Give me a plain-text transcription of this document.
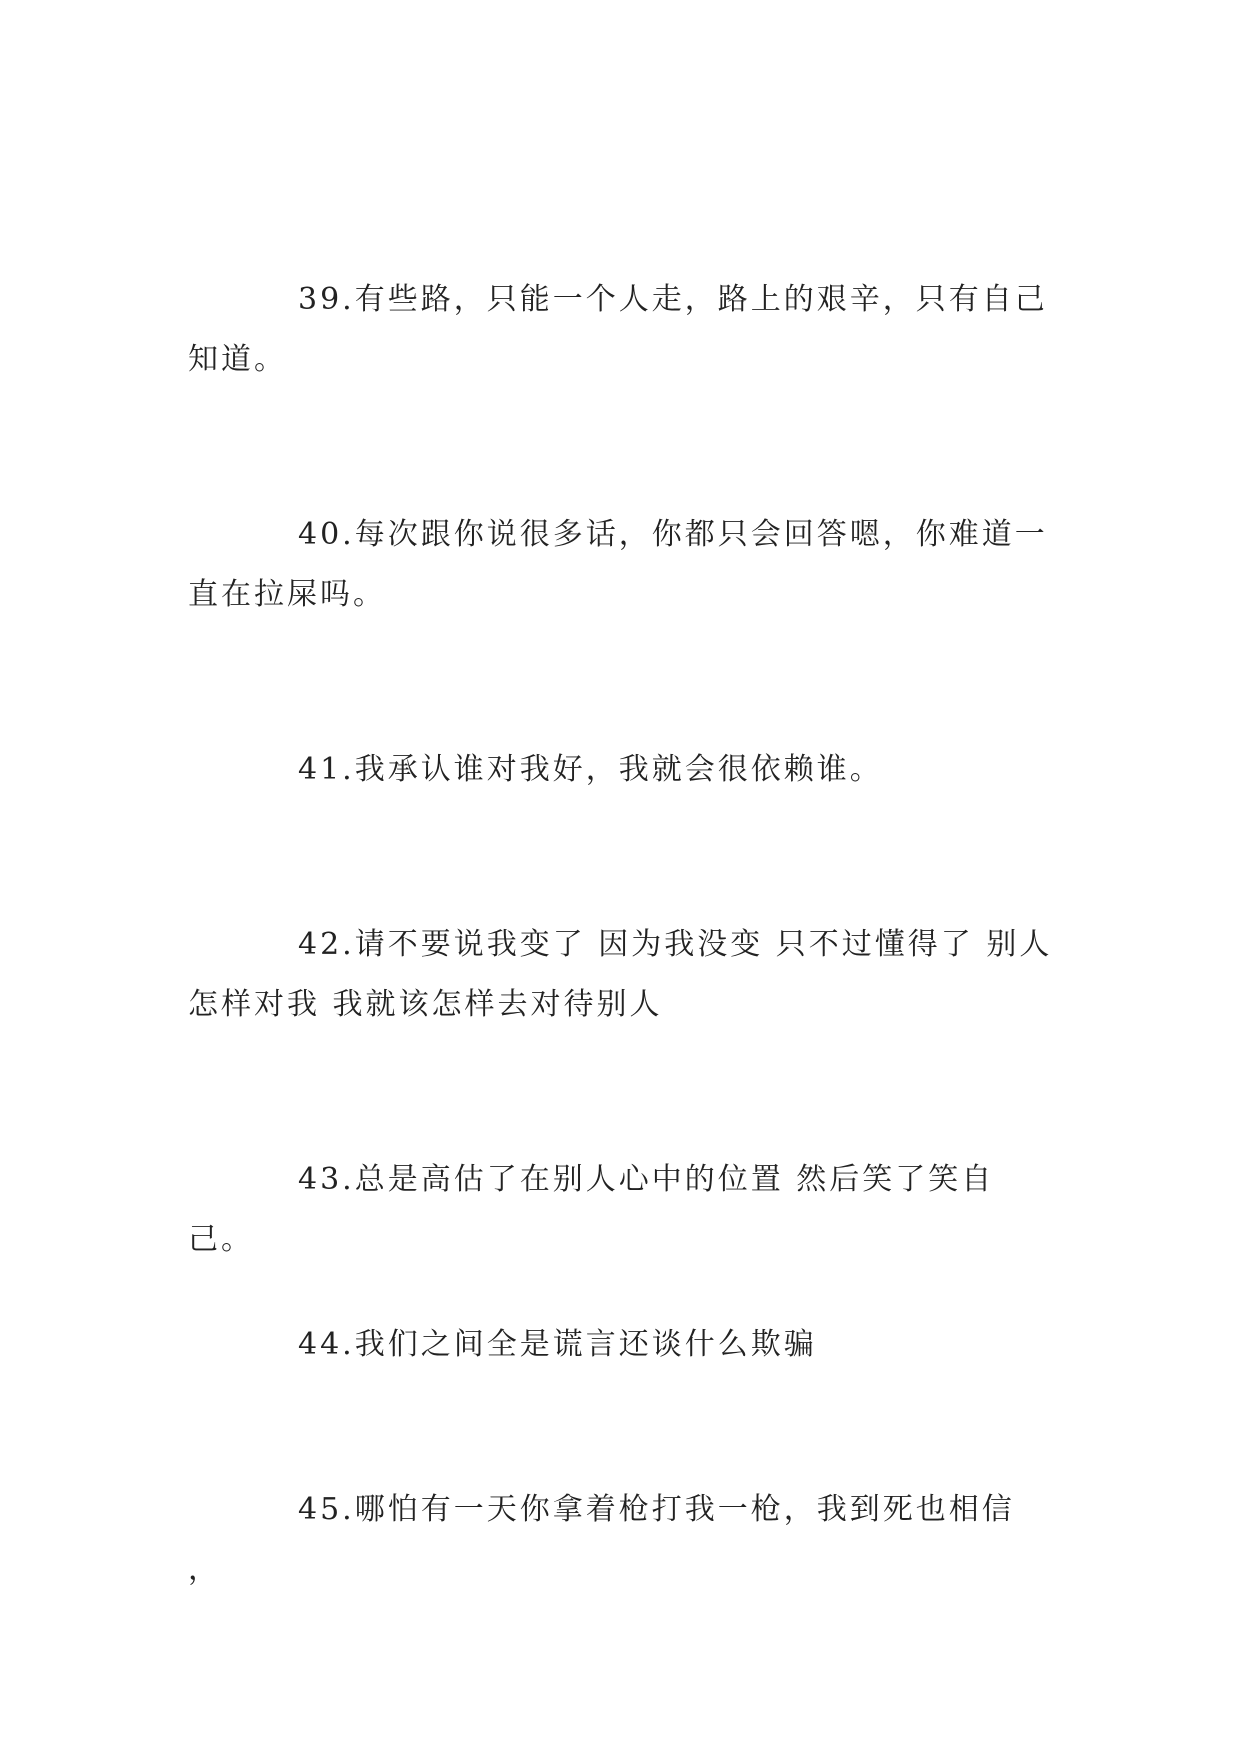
39.有些路，只能一个人走，路上的艰辛，只有自己知道。

40.每次跟你说很多话，你都只会回答嗯，你难道一直在拉屎吗。

41.我承认谁对我好，我就会很依赖谁。

42.请不要说我变了 因为我没变 只不过懂得了 别人怎样对我 我就该怎样去对待别人

43.总是高估了在别人心中的位置 然后笑了笑自己。

44.我们之间全是谎言还谈什么欺骗

45.哪怕有一天你拿着枪打我一枪，我到死也相信 ，
